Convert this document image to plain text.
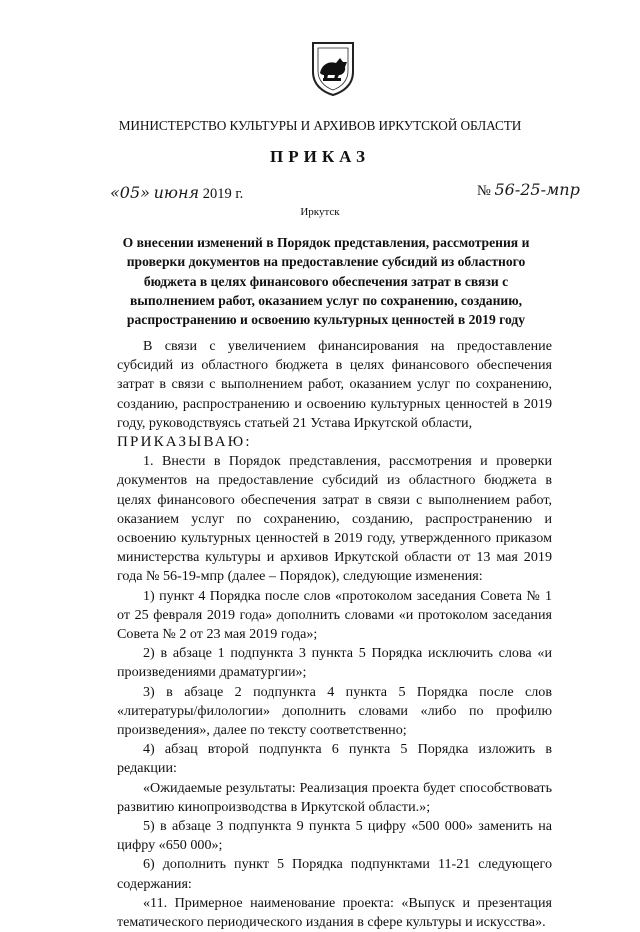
МИНИСТЕРСТВО КУЛЬТУРЫ И АРХИВОВ ИРКУТСКОЙ ОБЛАСТИ
ПРИКАЗ
«05» июня 2019 г.	№ 56-25-мпр
Иркутск
О внесении изменений в Порядок представления, рассмотрения и проверки документов на предоставление субсидий из областного бюджета в целях финансового обеспечения затрат в связи с выполнением работ, оказанием услуг по сохранению, созданию, распространению и освоению культурных ценностей в 2019 году

В связи с увеличением финансирования на предоставление субсидий из областного бюджета в целях финансового обеспечения затрат в связи с выполнением работ, оказанием услуг по сохранению, созданию, распространению и освоению культурных ценностей в 2019 году, руководствуясь статьей 21 Устава Иркутской области,

ПРИКАЗЫВАЮ:

1. Внести в Порядок представления, рассмотрения и проверки документов на предоставление субсидий из областного бюджета в целях финансового обеспечения затрат в связи с выполнением работ, оказанием услуг по сохранению, созданию, распространению и освоению культурных ценностей в 2019 году, утвержденного приказом министерства культуры и архивов Иркутской области от 13 мая 2019 года № 56-19-мпр (далее – Порядок), следующие изменения:

1) пункт 4 Порядка после слов «протоколом заседания Совета № 1 от 25 февраля 2019 года» дополнить словами «и протоколом заседания Совета № 2 от 23 мая 2019 года»;

2) в абзаце 1 подпункта 3 пункта 5 Порядка исключить слова «и произведениями драматургии»;

3) в абзаце 2 подпункта 4 пункта 5 Порядка после слов «литературы/филологии» дополнить словами «либо по профилю произведения», далее по тексту соответственно;

4) абзац второй подпункта 6 пункта 5 Порядка изложить в редакции:

«Ожидаемые результаты: Реализация проекта будет способствовать развитию кинопроизводства в Иркутской области.»;

5) в абзаце 3 подпункта 9 пункта 5 цифру «500 000» заменить на цифру «650 000»;

6) дополнить пункт 5 Порядка подпунктами 11-21 следующего содержания:

«11. Примерное наименование проекта: «Выпуск и презентация тематического периодического издания в сфере культуры и искусства».
